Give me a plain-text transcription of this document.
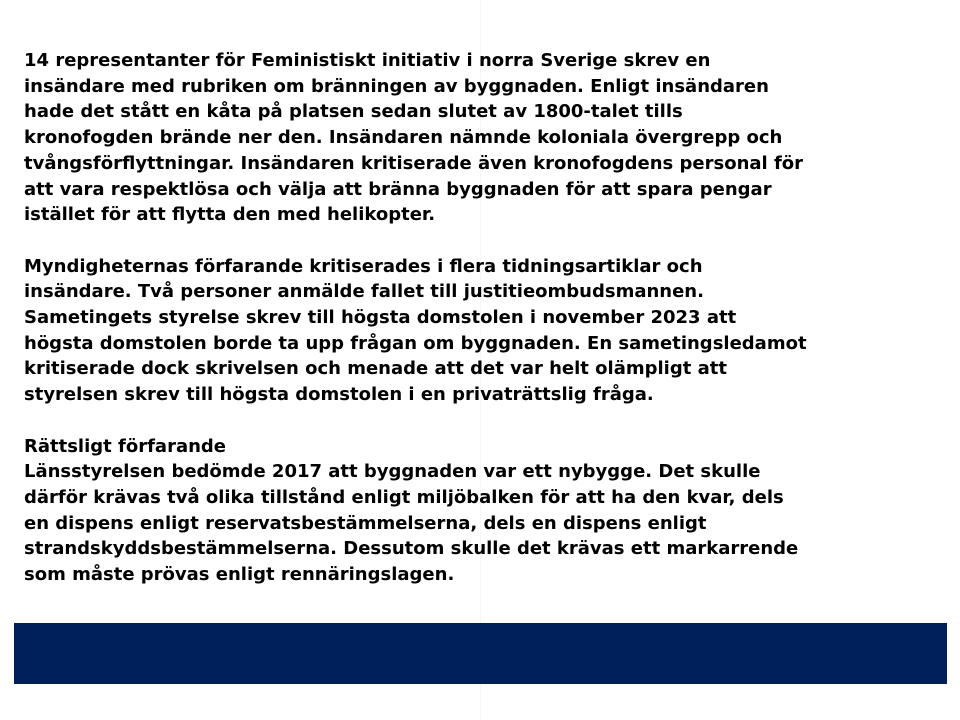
14 representanter för Feministiskt initiativ i norra Sverige skrev en
insändare med rubriken om bränningen av byggnaden. Enligt insändaren
hade det stått en kåta på platsen sedan slutet av 1800-talet tills
kronofogden brände ner den. Insändaren nämnde koloniala övergrepp och
tvångsförflyttningar. Insändaren kritiserade även kronofogdens personal för
att vara respektlösa och välja att bränna byggnaden för att spara pengar
istället för att flytta den med helikopter.

Myndigheternas förfarande kritiserades i flera tidningsartiklar och
insändare. Två personer anmälde fallet till justitieombudsmannen.
Sametingets styrelse skrev till högsta domstolen i november 2023 att
högsta domstolen borde ta upp frågan om byggnaden. En sametingsledamot
kritiserade dock skrivelsen och menade att det var helt olämpligt att
styrelsen skrev till högsta domstolen i en privaträttslig fråga.

Rättsligt förfarande

Länsstyrelsen bedömde 2017 att byggnaden var ett nybygge. Det skulle
därför krävas två olika tillstånd enligt miljöbalken för att ha den kvar, dels
en dispens enligt reservatsbestämmelserna, dels en dispens enligt
strandskyddsbestämmelserna. Dessutom skulle det krävas ett markarrende
som måste prövas enligt rennäringslagen.
